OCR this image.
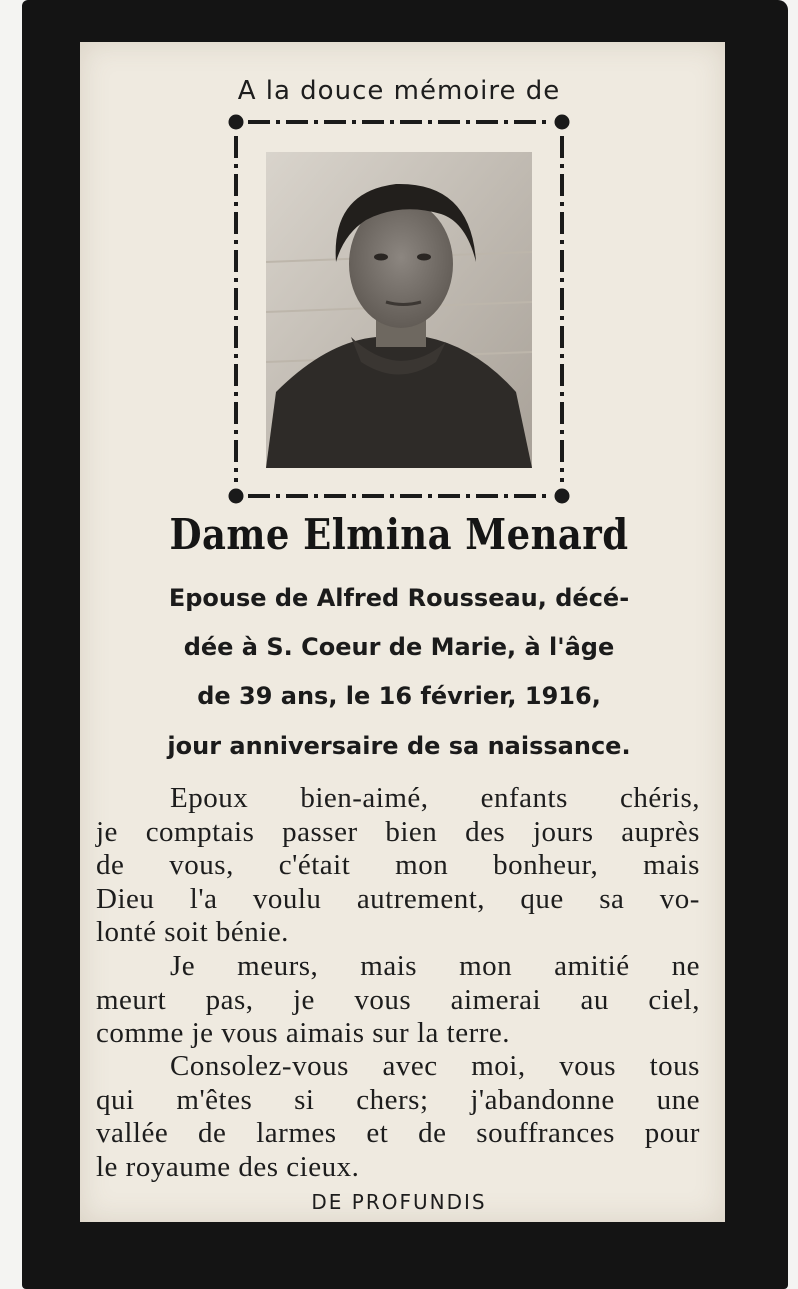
A la douce mémoire de
Dame Elmina Menard
Epouse de Alfred Rousseau, décé-
dée à S. Coeur de Marie, à l'âge
de 39 ans, le 16 février, 1916,
jour anniversaire de sa naissance.
Epoux bien-aimé, enfants chéris,
je comptais passer bien des jours auprès
de vous, c'était mon bonheur, mais
Dieu l'a voulu autrement, que sa vo-
lonté soit bénie.
Je meurs, mais mon amitié ne
meurt pas, je vous aimerai au ciel,
comme je vous aimais sur la terre.
Consolez-vous avec moi, vous tous
qui m'êtes si chers; j'abandonne une
vallée de larmes et de souffrances pour
le royaume des cieux.
DE PROFUNDIS
